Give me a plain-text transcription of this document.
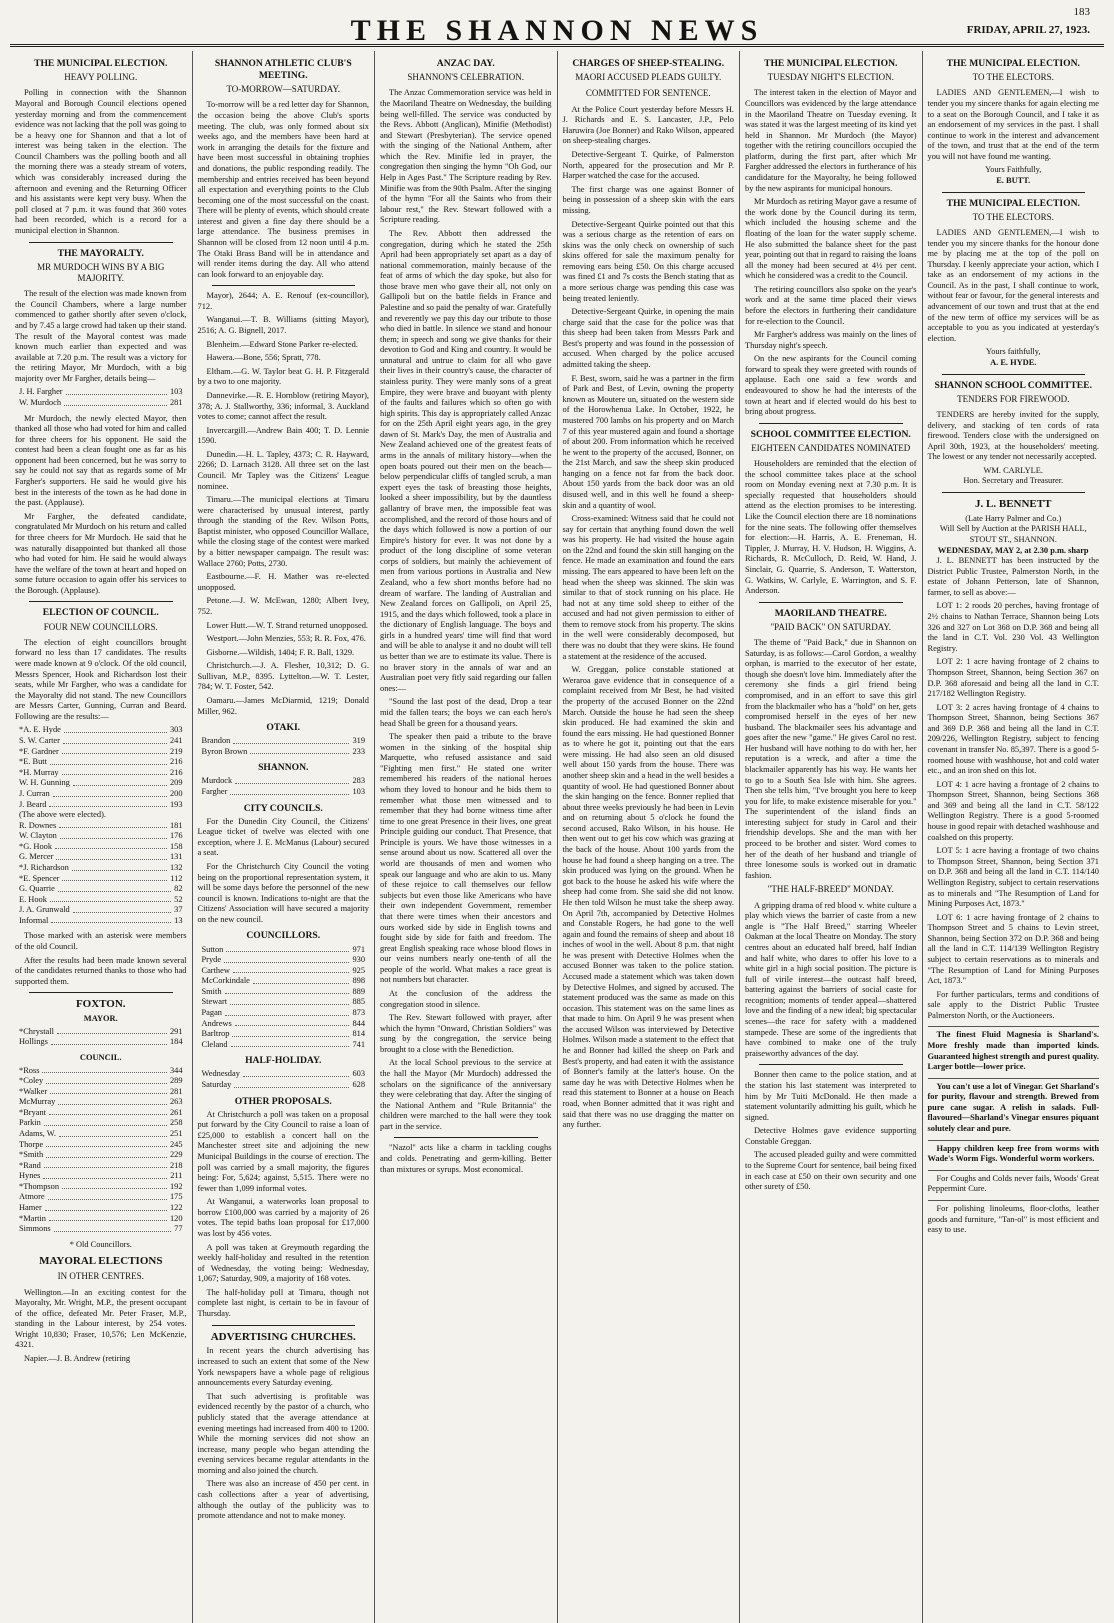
183
THE SHANNON NEWS	FRIDAY, APRIL 27, 1923.
THE MUNICIPAL ELECTION.
HEAVY POLLING.

Polling in connection with the Shannon Mayoral and Borough Council elections opened yesterday morning and from the commencement evidence was not lacking that the poll was going to be a heavy one for Shannon and that a lot of interest was being taken in the election. The Council Chambers was the polling booth and all the morning there was a steady stream of voters, which was considerably increased during the afternoon and evening and the Returning Officer and his assistants were kept very busy. When the poll closed at 7 p.m. it was found that 360 votes had been recorded, which is a record for a municipal election in Shannon.

THE MAYORALTY.
MR MURDOCH WINS BY A BIG MAJORITY.

The result of the election was made known from the Council Chambers, where a large number commenced to gather shortly after seven o'clock, and by 7.45 a large crowd had taken up their stand. The result of the Mayoral contest was made known much earlier than expected and was available at 7.20 p.m. The result was a victory for the retiring Mayor, Mr Murdoch, with a big majority over Mr Fargher, details being—

J. H. Fargher	103
W. Murdoch	281

Mr Murdoch, the newly elected Mayor, then thanked all those who had voted for him and called for three cheers for his opponent. He said the contest had been a clean fought one as far as his opponent had been concerned, but he was sorry to say he could not say that as regards some of Mr Fargher's supporters. He said he would give his best in the interests of the town as he had done in the past. (Applause).

Mr Fargher, the defeated candidate, congratulated Mr Murdoch on his return and called for three cheers for Mr Murdoch. He said that he was naturally disappointed but thanked all those who had voted for him. He said he would always have the welfare of the town at heart and hoped on some future occasion to again offer his services to the Borough. (Applause).

ELECTION OF COUNCIL.
FOUR NEW COUNCILLORS.

The election of eight councillors brought forward no less than 17 candidates. The results were made known at 9 o'clock. Of the old council, Messrs Spencer, Hook and Richardson lost their seats, while Mr Fargher, who was a candidate for the Mayoralty did not stand. The new Councillors are Messrs Carter, Gunning, Curran and Beard. Following are the results:—

*A. E. Hyde	303
S. W. Carter	241
*F. Gardner	219
*E. Butt	216
*H. Murray	216
W. H. Gunning	209
J. Curran	200
J. Beard	193
(The above were elected).
R. Downes	181
W. Clayton	176
*G. Hook	158
G. Mercer	131
*J. Richardson	132
*E. Spencer	112
G. Quarrie	82
E. Hook	52
J. A. Grunwald	37
Informal	13

Those marked with an asterisk were members of the old Council.

After the results had been made known several of the candidates returned thanks to those who had supported them.

FOXTON.
MAYOR.
*Chrystall	291
Hollings	184
COUNCIL.
*Ross	344
*Coley	289
*Walker	281
McMurray	263
*Bryant	261
Parkin	258
Adams, W.	251
Thorpe	245
*Smith	229
*Rand	218
Hynes	211
*Thompson	192
Atmore	175
Hamer	122
*Martin	120
Simmons	77
* Old Councillors.
MAYORAL ELECTIONS
IN OTHER CENTRES.

Wellington.—In an exciting contest for the Mayoralty, Mr. Wright, M.P., the present occupant of the office, defeated Mr. Peter Fraser, M.P., standing in the Labour interest, by 254 votes. Wright 10,830; Fraser, 10,576; Len McKenzie, 4321.

Napier.—J. B. Andrew (retiring

SHANNON ATHLETIC CLUB'S MEETING.
TO-MORROW—SATURDAY.

To-morrow will be a red letter day for Shannon, the occasion being the above Club's sports meeting. The club, was only formed about six weeks ago, and the members have been hard at work in arranging the details for the fixture and have been most successful in obtaining trophies and donations, the public responding readily. The membership and entries received has been beyond all expectation and everything points to the Club becoming one of the most successful on the coast. There will be plenty of events, which should create interest and given a fine day there should be a large attendance. The business premises in Shannon will be closed from 12 noon until 4 p.m. The Otaki Brass Band will be in attendance and will render items during the day. All who attend can look forward to an enjoyable day.

Mayor), 2644; A. E. Renouf (ex-councillor), 712.

Wanganui.—T. B. Williams (sitting Mayor), 2516; A. G. Bignell, 2017.

Blenheim.—Edward Stone Parker re-elected.

Hawera.—Bone, 556; Spratt, 778.

Eltham.—G. W. Taylor beat G. H. P. Fitzgerald by a two to one majority.

Dannevirke.—R. E. Hornblow (retiring Mayor), 378; A. J. Stallworthy, 336; informal, 3. Auckland votes to come; cannot affect the result.

Invercargill.—Andrew Bain 400; T. D. Lennie 1590.

Dunedin.—H. L. Tapley, 4373; C. R. Hayward, 2266; D. Larnach 3128. All three set on the last Council. Mr Tapley was the Citizens' League nominee.

Timaru.—The municipal elections at Timaru were characterised by unusual interest, partly through the standing of the Rev. Wilson Potts, Baptist minister, who opposed Councillor Wallace, while the closing stage of the contest were marked by a bitter newspaper campaign. The result was: Wallace 2760; Potts, 2730.

Eastbourne.—F. H. Mather was re-elected unopposed.

Petone.—J. W. McEwan, 1280; Albert Ivey, 752.

Lower Hutt.—W. T. Strand returned unopposed.

Westport.—John Menzies, 553; R. R. Fox, 476.

Gisborne.—Wildish, 1404; F. R. Ball, 1329.

Christchurch.—J. A. Flesher, 10,312; D. G. Sullivan, M.P., 8395. Lyttelton.—W. T. Lester, 784; W. T. Foster, 542.

Oamaru.—James McDiarmid, 1219; Donald Miller, 962.

OTAKI.
Brandon	319
Byron Brown	233
SHANNON.
Murdock	283
Fargher	103
CITY COUNCILS.

For the Dunedin City Council, the Citizens' League ticket of twelve was elected with one exception, where J. E. McManus (Labour) secured a seat.

For the Christchurch City Council the voting being on the proportional representation system, it will be some days before the personnel of the new council is known. Indications to-night are that the Citizens' Association will have secured a majority on the new council.

COUNCILLORS.
Sutton	971
Pryde	930
Carthew	925
McCorkindale	898
Smith	889
Stewart	885
Pagan	873
Andrews	844
Barltrop	814
Cleland	741
HALF-HOLIDAY.
Wednesday	603
Saturday	628
OTHER PROPOSALS.

At Christchurch a poll was taken on a proposal put forward by the City Council to raise a loan of £25,000 to establish a concert hall on the Manchester street site and adjoining the new Municipal Buildings in the course of erection. The poll was carried by a small majority, the figures being: For, 5,624; against, 5,515. There were no fewer than 1,099 informal votes.

At Wanganui, a waterworks loan proposal to borrow £100,000 was carried by a majority of 26 votes. The tepid baths loan proposal for £17,000 was lost by 456 votes.

A poll was taken at Greymouth regarding the weekly half-holiday and resulted in the retention of Wednesday, the voting being: Wednesday, 1,067; Saturday, 909, a majority of 168 votes.

The half-holiday poll at Timaru, though not complete last night, is certain to be in favour of Thursday.

ADVERTISING CHURCHES.

In recent years the church advertising has increased to such an extent that some of the New York newspapers have a whole page of religious announcements every Saturday evening.

That such advertising is profitable was evidenced recently by the pastor of a church, who publicly stated that the average attendance at evening meetings had increased from 400 to 1200. While the morning services did not show an increase, many people who began attending the evening services became regular attendants in the morning and also joined the church.

There was also an increase of 450 per cent. in cash collections after a year of advertising, although the outlay of the publicity was to promote attendance and not to make money.

ANZAC DAY.
SHANNON'S CELEBRATION.

The Anzac Commemoration service was held in the Maoriland Theatre on Wednesday, the building being well-filled. The service was conducted by the Revs. Abbott (Anglican), Minifie (Methodist) and Stewart (Presbyterian). The service opened with the singing of the National Anthem, after which the Rev. Minifie led in prayer, the congregation then singing the hymn "Oh God, our Help in Ages Past." The Scripture reading by Rev. Minifie was from the 90th Psalm. After the singing of the hymn "For all the Saints who from their labour rest," the Rev. Stewart followed with a Scripture reading.

The Rev. Abbott then addressed the congregation, during which he stated the 25th April had been appropriately set apart as a day of national commemoration, mainly because of the feat of arms of which the day spoke, but also for those brave men who gave their all, not only on Gallipoli but on the battle fields in France and Palestine and so paid the penalty of war. Gratefully and reverently we pay this day our tribute to those who died in battle. In silence we stand and honour them; in speech and song we give thanks for their devotion to God and King and country. It would be unnatural and untrue to claim for all who gave their lives in their country's cause, the character of stainless purity. They were manly sons of a great Empire, they were brave and buoyant with plenty of the faults and failures which so often go with high spirits. This day is appropriately called Anzac for on the 25th April eight years ago, in the grey dawn of St. Mark's Day, the men of Australia and New Zealand achieved one of the greatest feats of arms in the annals of military history—when the open boats poured out their men on the beach—below perpendicular cliffs of tangled scrub, a man expert eyes the task of breasting those heights, looked a sheer impossibility, but by the dauntless gallantry of brave men, the impossible feat was accomplished, and the record of those hours and of the days which followed is now a portion of our Empire's history for ever. It was not done by a product of the long discipline of some veteran corps of soldiers, but mainly the achievement of men from various portions in Australia and New Zealand, who a few short months before had no dream of warfare. The landing of Australian and New Zealand forces on Gallipoli, on April 25, 1915, and the days which followed, took a place in the dictionary of English language. The boys and girls in a hundred years' time will find that word and will be able to analyse it and no doubt will tell us better than we are to estimate its value. There is no braver story in the annals of war and an Australian poet very fitly said regarding our fallen ones:—

"Sound the last post of the dead, Drop a tear mid the fallen tears; the boys we can each hero's head Shall be green for a thousand years.

The speaker then paid a tribute to the brave women in the sinking of the hospital ship Marquette, who refused assistance and said "Fighting men first." He stated one writer remembered his readers of the national heroes whom they loved to honour and he bids them to remember what those men witnessed and to remember that they had borne witness time after time to one great Presence in their lives, one great Principle guiding our conduct. That Presence, that Principle is yours. We have those witnesses in a sense around about us now. Scattered all over the world are thousands of men and women who speak our language and who are akin to us. Many of these rejoice to call themselves our fellow subjects but even those like Americans who have their own independent Government, remember that there were times when their ancestors and ours worked side by side in English towns and fought side by side for faith and freedom. The great English speaking race whose blood flows in our veins numbers nearly one-tenth of all the people of the world. What makes a race great is not numbers but character.

At the conclusion of the address the congregation stood in silence.

The Rev. Stewart followed with prayer, after which the hymn "Onward, Christian Soldiers" was sung by the congregation, the service being brought to a close with the Benediction.

At the local School previous to the service at the hall the Mayor (Mr Murdoch) addressed the scholars on the significance of the anniversary they were celebrating that day. After the singing of the National Anthem and "Rule Britannia" the children were marched to the hall were they took part in the service.

"Nazol" acts like a charm in tackling coughs and colds. Penetrating and germ-killing. Better than mixtures or syrups. Most economical.

CHARGES OF SHEEP-STEALING.
MAORI ACCUSED PLEADS GUILTY.
COMMITTED FOR SENTENCE.

At the Police Court yesterday before Messrs H. J. Richards and E. S. Lancaster, J.P., Pelo Haruwira (Joe Bonner) and Rako Wilson, appeared on sheep-stealing charges.

Detective-Sergeant T. Quirke, of Palmerston North, appeared for the prosecution and Mr P. Harper watched the case for the accused.

The first charge was one against Bonner of being in possession of a sheep skin with the ears missing.

Detective-Sergeant Quirke pointed out that this was a serious charge as the retention of ears on skins was the only check on ownership of such skins offered for sale the maximum penalty for removing ears being £50. On this charge accused was fined £1 and 7s costs the Bench stating that as a more serious charge was pending this case was being treated leniently.

Detective-Sergeant Quirke, in opening the main charge said that the case for the police was that this sheep had been taken from Messrs Park and Best's property and was found in the possession of accused. When charged by the police accused admitted taking the sheep.

F. Best, sworn, said he was a partner in the firm of Park and Best, of Levin, owning the property known as Moutere un, situated on the western side of the Horowhenua Lake. In October, 1922, he mustered 700 lambs on his property and on March 7 of this year mustered again and found a shortage of about 200. From information which he received he went to the property of the accused, Bonner, on the 21st March, and saw the sheep skin produced hanging on a fence not far from the back door. About 150 yards from the back door was an old disused well, and in this well he found a sheep-skin and a quantity of wool.

Cross-examined: Witness said that he could not say for certain that anything found down the well was his property. He had visited the house again on the 22nd and found the skin still hanging on the fence. He made an examination and found the ears missing. The ears appeared to have been left on the head when the sheep was skinned. The skin was similar to that of stock running on his place. He had not at any time sold sheep to either of the accused and had not given permission to either of them to remove stock from his property. The skins in the well were considerably decomposed, but there was no doubt that they were skins. He found a statement at the residence of the accused.

W. Greggan, police constable stationed at Weraroa gave evidence that in consequence of a complaint received from Mr Best, he had visited the property of the accused Bonner on the 22nd March. Outside the house he had seen the sheep skin produced. He had examined the skin and found the ears missing. He had questioned Bonner as to where he got it, pointing out that the ears were missing. He had also seen an old disused well about 150 yards from the house. There was another sheep skin and a head in the well besides a quantity of wool. He had questioned Bonner about the skin hanging on the fence. Bonner replied that about three weeks previously he had been in Levin and on returning about 5 o'clock he found the second accused, Rako Wilson, in his house. He then went out to get his cow which was grazing at the back of the house. About 100 yards from the house he had found a sheep hanging on a tree. The skin produced was lying on the ground. When he got back to the house he asked his wife where the sheep had come from. She said she did not know. He then told Wilson he must take the sheep away. On April 7th, accompanied by Detective Holmes and Constable Rogers, he had gone to the well again and found the remains of sheep and about 18 inches of wool in the well. About 8 p.m. that night he was present with Detective Holmes when the accused Bonner was taken to the police station. Accused made a statement which was taken down by Detective Holmes, and signed by accused. The statement produced was the same as made on this occasion. This statement was on the same lines as that made to him. On April 9 he was present when the accused Wilson was interviewed by Detective Holmes. Wilson made a statement to the effect that he and Bonner had killed the sheep on Park and Best's property, and had eaten it with the assistance of Bonner's family at the latter's house. On the same day he was with Detective Holmes when he read this statement to Bonner at a house on Beach road, when Bonner admitted that it was right and said that there was no use dragging the matter on any further.

THE MUNICIPAL ELECTION.
TUESDAY NIGHT'S ELECTION.

The interest taken in the election of Mayor and Councillors was evidenced by the large attendance in the Maoriland Theatre on Tuesday evening. It was stated it was the largest meeting of its kind yet held in Shannon. Mr Murdoch (the Mayor) together with the retiring councillors occupied the platform, during the first part, after which Mr Fargher addressed the electors in furtherance of his candidature for the Mayoralty, he being followed by the new aspirants for municipal honours.

Mr Murdoch as retiring Mayor gave a resume of the work done by the Council during its term, which included the housing scheme and the floating of the loan for the water supply scheme. He also submitted the balance sheet for the past year, pointing out that in regard to raising the loans all the money had been secured at 4½ per cent. which he considered was a credit to the Council.

The retiring councillors also spoke on the year's work and at the same time placed their views before the electors in furthering their candidature for re-election to the Council.

Mr Fargher's address was mainly on the lines of Thursday night's speech.

On the new aspirants for the Council coming forward to speak they were greeted with rounds of applause. Each one said a few words and endeavoured to show he had the interests of the town at heart and if elected would do his best to bring about progress.

SCHOOL COMMITTEE ELECTION.
EIGHTEEN CANDIDATES NOMINATED

Householders are reminded that the election of the school committee takes place at the school room on Monday evening next at 7.30 p.m. It is specially requested that householders should attend as the election promises to be interesting. Like the Council election there are 18 nominations for the nine seats. The following offer themselves for election:—H. Harris, A. E. Freneman, H. Tippler, J. Murray, H. V. Hudson, H. Wiggins, A. Richards, R. McCulloch, D. Reid, W. Hand, J. Sinclair, G. Quarrie, S. Anderson, T. Watterston, G. Watkins, W. Carlyle, E. Warrington, and S. F. Anderson.

MAORILAND THEATRE.
"PAID BACK" ON SATURDAY.

The theme of "Paid Back," due in Shannon on Saturday, is as follows:—Carol Gordon, a wealthy orphan, is married to the executor of her estate, though she doesn't love him. Immediately after the ceremony she finds a girl friend being compromised, and in an effort to save this girl from the blackmailer who has a "hold" on her, gets compromised herself in the eyes of her new husband. The blackmailer sees his advantage and goes after the new "game." He gives Carol no rest. Her husband will have nothing to do with her, her reputation is a wreck, and after a time the blackmailer apparently has his way. He wants her to go to a South Sea Isle with him. She agrees. Then she tells him, "I've brought you here to keep you for life, to make existence miserable for you." The superintendent of the island finds an interesting subject for study in Carol and their friendship develops. She and the man with her proceed to be brother and sister. Word comes to her of the death of her husband and triangle of three lonesome souls is worked out in dramatic fashion.

"THE HALF-BREED" MONDAY.

A gripping drama of red blood v. white culture a play which views the barrier of caste from a new angle is "The Half Breed," starring Wheeler Oakman at the local Theatre on Monday. The story centres about an educated half breed, half Indian and half white, who dares to offer his love to a white girl in a high social position. The picture is full of virile interest—the outcast half breed, battering against the barriers of social caste for recognition; moments of tender appeal—shattered love and the finding of a new ideal; big spectacular scenes—the race for safety with a maddened stampede. These are some of the ingredients that have combined to make one of the truly praiseworthy advances of the day.

Bonner then came to the police station, and at the station his last statement was interpreted to him by Mr Tuiti McDonald. He then made a statement voluntarily admitting his guilt, which he signed.

Detective Holmes gave evidence supporting Constable Greggan.

The accused pleaded guilty and were committed to the Supreme Court for sentence, bail being fixed in each case at £50 on their own security and one other surety of £50.

THE MUNICIPAL ELECTION.
TO THE ELECTORS.

LADIES AND GENTLEMEN,—I wish to tender you my sincere thanks for again electing me to a seat on the Borough Council, and I take it as an endorsement of my services in the past. I shall continue to work in the interest and advancement of the town, and trust that at the end of the term you will not have found me wanting.

Yours Faithfully,
E. BUTT.
THE MUNICIPAL ELECTION.
TO THE ELECTORS.

LADIES AND GENTLEMEN,—I wish to tender you my sincere thanks for the honour done me by placing me at the top of the poll on Thursday. I keenly appreciate your action, which I take as an endorsement of my actions in the Council. As in the past, I shall continue to work, without fear or favour, for the general interests and advancement of our town and trust that at the end of the new term of office my services will be as acceptable to you as you indicated at yesterday's election.

Yours faithfully,
A. E. HYDE.
SHANNON SCHOOL COMMITTEE.
TENDERS FOR FIREWOOD.

TENDERS are hereby invited for the supply, delivery, and stacking of ten cords of rata firewood. Tenders close with the undersigned on April 30th, 1923, at the householders' meeting. The lowest or any tender not necessarily accepted.

WM. CARLYLE.
Hon. Secretary and Treasurer.
J. L. BENNETT
(Late Harry Palmer and Co.)
Will Sell by Auction at the PARISH HALL, STOUT ST., SHANNON.
WEDNESDAY, MAY 2, at 2.30 p.m. sharp

J. L. BENNETT has been instructed by the District Public Trustee, Palmerston North, in the estate of Johann Petterson, late of Shannon, farmer, to sell as above:—

LOT 1: 2 roods 20 perches, having frontage of 2½ chains to Nathan Terrace, Shannon being Lots 326 and 327 on Lot 368 on D.P. 368 and being all the land in C.T. Vol. 230 Vol. 43 Wellington Registry.

LOT 2: 1 acre having frontage of 2 chains to Thompson Street, Shannon, being Section 367 on D.P. 368 aforesaid and being all the land in C.T. 217/182 Wellington Registry.

LOT 3: 2 acres having frontage of 4 chains to Thompson Street, Shannon, being Sections 367 and 369 D.P. 368 and being all the land in C.T. 209/226, Wellington Registry, subject to fencing covenant in transfer No. 85,397. There is a good 5-roomed house with washhouse, hot and cold water etc., and an iron shed on this lot.

LOT 4: 1 acre having a frontage of 2 chains to Thompson Street, Shannon, being Sections 368 and 369 and being all the land in C.T. 58/122 Wellington Registry. There is a good 5-roomed house in good repair with detached washhouse and coalshed on this property.

LOT 5: 1 acre having a frontage of two chains to Thompson Street, Shannon, being Section 371 on D.P. 368 and being all the land in C.T. 114/140 Wellington Registry, subject to certain reservations as to minerals and "The Resumption of Land for Mining Purposes Act, 1873."

LOT 6: 1 acre having frontage of 2 chains to Thompson Street and 5 chains to Levin street, Shannon, being Section 372 on D.P. 368 and being all the land in C.T. 114/139 Wellington Registry subject to certain reservations as to minerals and "The Resumption of Land for Mining Purposes Act, 1873."

For further particulars, terms and conditions of sale apply to the District Public Trustee Palmerston North, or the Auctioneers.

The finest Fluid Magnesia is Sharland's. More freshly made than imported kinds. Guaranteed highest strength and purest quality. Larger bottle—lower price.

You can't use a lot of Vinegar. Get Sharland's for purity, flavour and strength. Brewed from pure cane sugar. A relish in salads. Full-flavoured—Sharland's Vinegar ensures piquant solutely clear and pure.

Happy children keep free from worms with Wade's Worm Figs. Wonderful worm workers.

For Coughs and Colds never fails, Woods' Great Peppermint Cure.

For polishing linoleums, floor-cloths, leather goods and furniture, "Tan-ol" is most efficient and easy to use.
